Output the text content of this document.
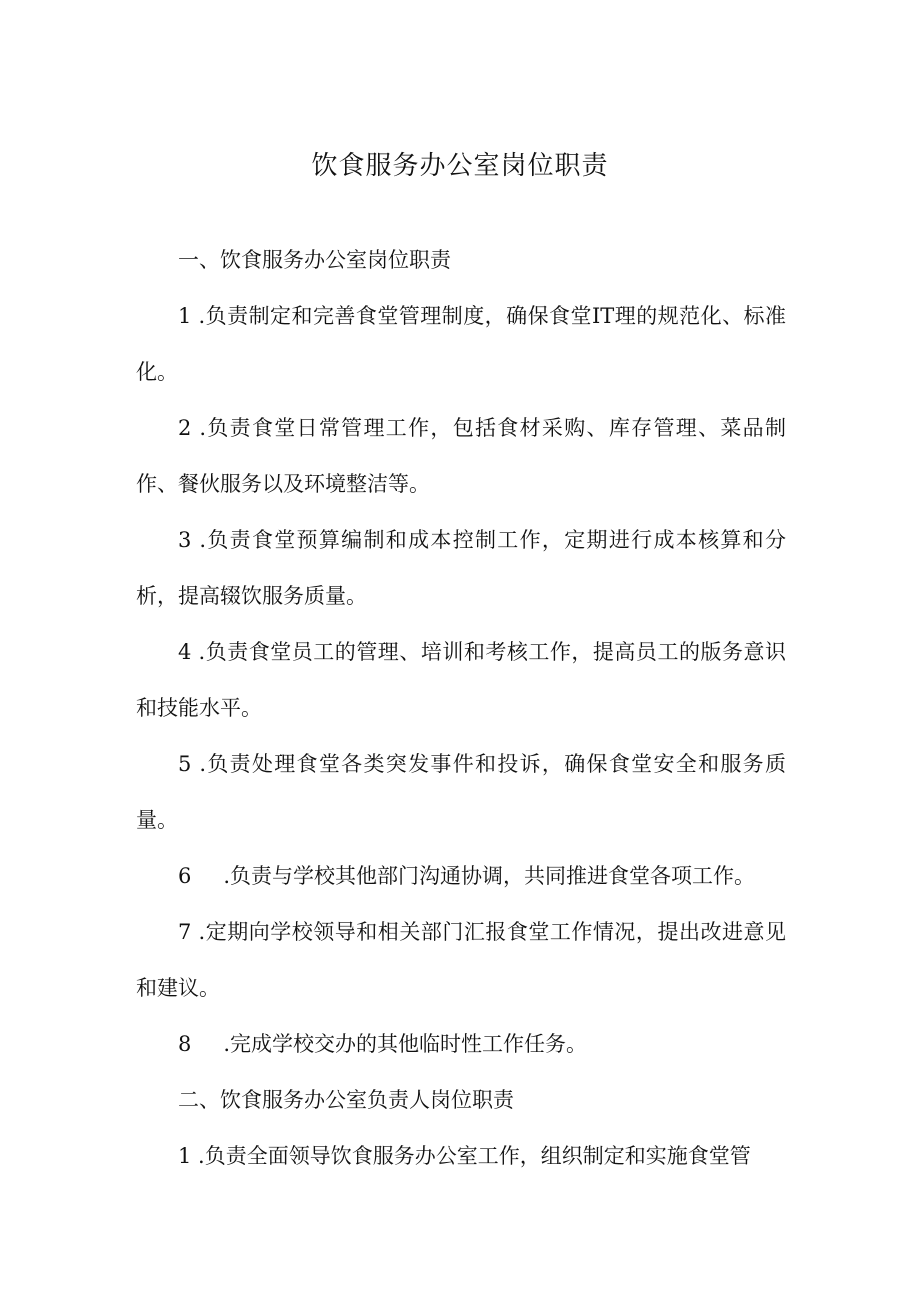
饮食服务办公室岗位职责

一、饮食服务办公室岗位职责

1 .负责制定和完善食堂管理制度，确保食堂IT理的规范化、标准化。

2 .负责食堂日常管理工作，包括食材采购、库存管理、菜品制作、餐伙服务以及环境整洁等。

3 .负责食堂预算编制和成本控制工作，定期进行成本核算和分析，提高辍饮服务质量。

4 .负责食堂员工的管理、培训和考核工作，提高员工的版务意识和技能水平。

5 .负责处理食堂各类突发事件和投诉，确保食堂安全和服务质量。

6 .负责与学校其他部门沟通协调，共同推进食堂各项工作。

7 .定期向学校领导和相关部门汇报食堂工作情况，提出改进意见和建议。

8 .完成学校交办的其他临时性工作任务。

二、饮食服务办公室负责人岗位职责

1 .负责全面领导饮食服务办公室工作，组织制定和实施食堂管
